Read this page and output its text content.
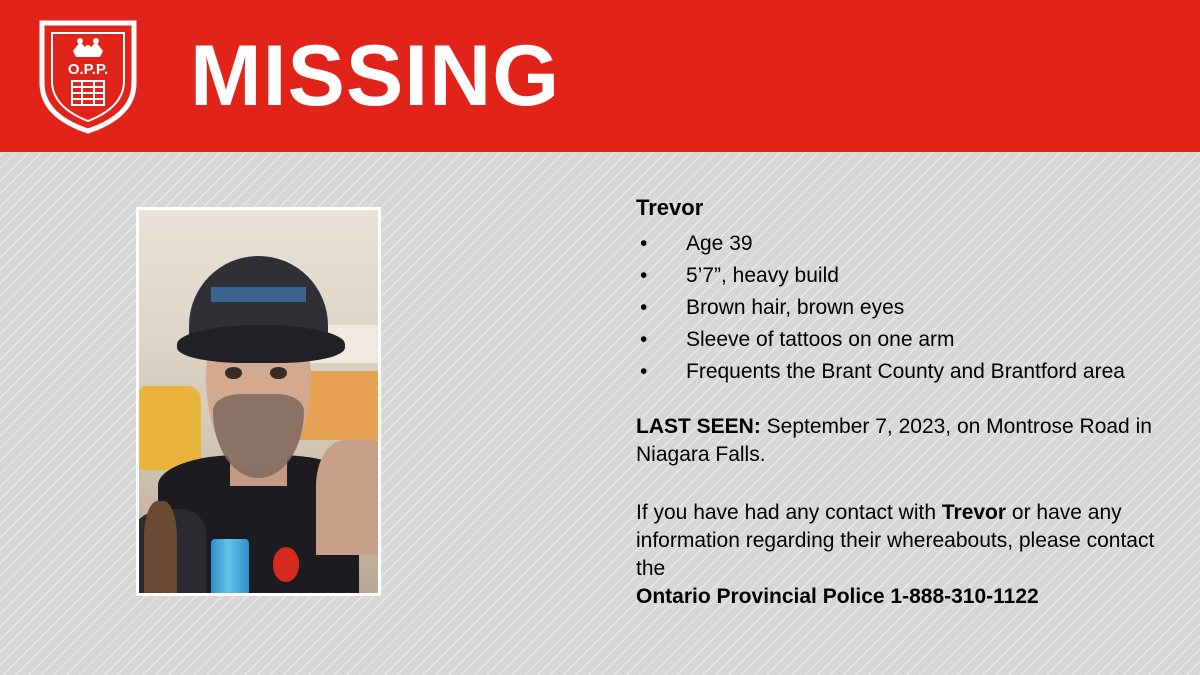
O.P.P. MISSING
Trevor
• Age 39
• 5’7”, heavy build
• Brown hair, brown eyes
• Sleeve of tattoos on one arm
• Frequents the Brant County and Brantford area
LAST SEEN: September 7, 2023, on Montrose Road in Niagara Falls.
If you have had any contact with Trevor or have any information regarding their whereabouts, please contact the
Ontario Provincial Police 1-888-310-1122
